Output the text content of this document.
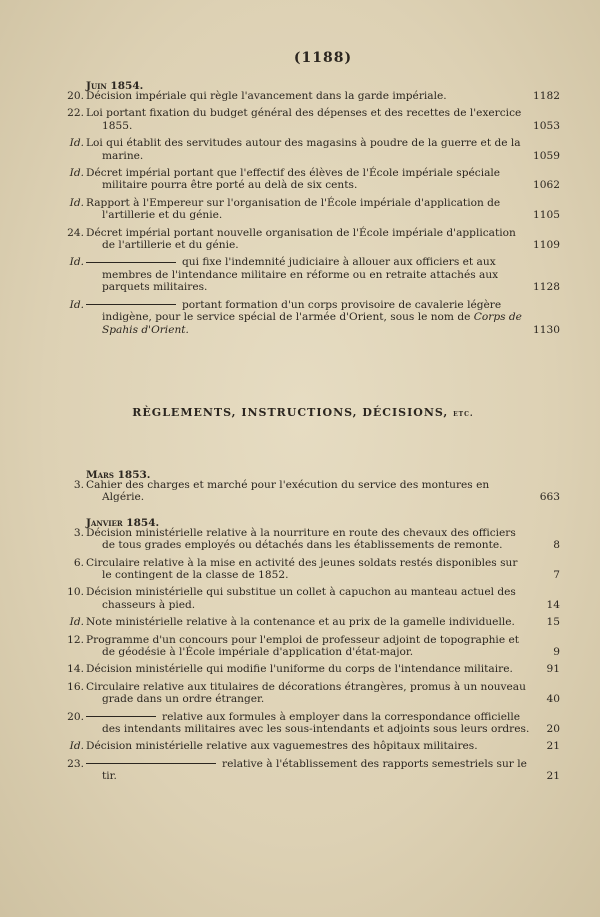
(1188)
Juin 1854.
20. Décision impériale qui règle l'avancement dans la garde impériale.	1182
22. Loi portant fixation du budget général des dépenses et des recettes de l'exercice 1855.	1053
Id. Loi qui établit des servitudes autour des magasins à poudre de la guerre et de la marine.	1059
Id. Décret impérial portant que l'effectif des élèves de l'École impériale spéciale militaire pourra être porté au delà de six cents.	1062
Id. Rapport à l'Empereur sur l'organisation de l'École impériale d'application de l'artillerie et du génie.	1105
24. Décret impérial portant nouvelle organisation de l'École impériale d'application de l'artillerie et du génie.	1109
Id.	qui fixe l'indemnité judiciaire à allouer aux officiers et aux membres de l'intendance militaire en réforme ou en retraite attachés aux parquets militaires.	1128
Id.	portant formation d'un corps provisoire de cavalerie légère indigène, pour le service spécial de l'armée d'Orient, sous le nom de Corps de Spahis d'Orient.	1130
RÈGLEMENTS, INSTRUCTIONS, DÉCISIONS, etc.
Mars 1853.
3. Cahier des charges et marché pour l'exécution du service des montures en Algérie.	663
Janvier 1854.
3. Décision ministérielle relative à la nourriture en route des chevaux des officiers de tous grades employés ou détachés dans les établissements de remonte.	8
6. Circulaire relative à la mise en activité des jeunes soldats restés disponibles sur le contingent de la classe de 1852.	7
10. Décision ministérielle qui substitue un collet à capuchon au manteau actuel des chasseurs à pied.	14
Id. Note ministérielle relative à la contenance et au prix de la gamelle individuelle.	15
12. Programme d'un concours pour l'emploi de professeur adjoint de topographie et de géodésie à l'École impériale d'application d'état-major.	9
14. Décision ministérielle qui modifie l'uniforme du corps de l'intendance militaire.	91
16. Circulaire relative aux titulaires de décorations étrangères, promus à un nouveau grade dans un ordre étranger.	40
20.	relative aux formules à employer dans la correspondance officielle des intendants militaires avec les sous-intendants et adjoints sous leurs ordres.	20
Id. Décision ministérielle relative aux vaguemestres des hôpitaux militaires.	21
23.	relative à l'établissement des rapports semestriels sur le tir.	21
